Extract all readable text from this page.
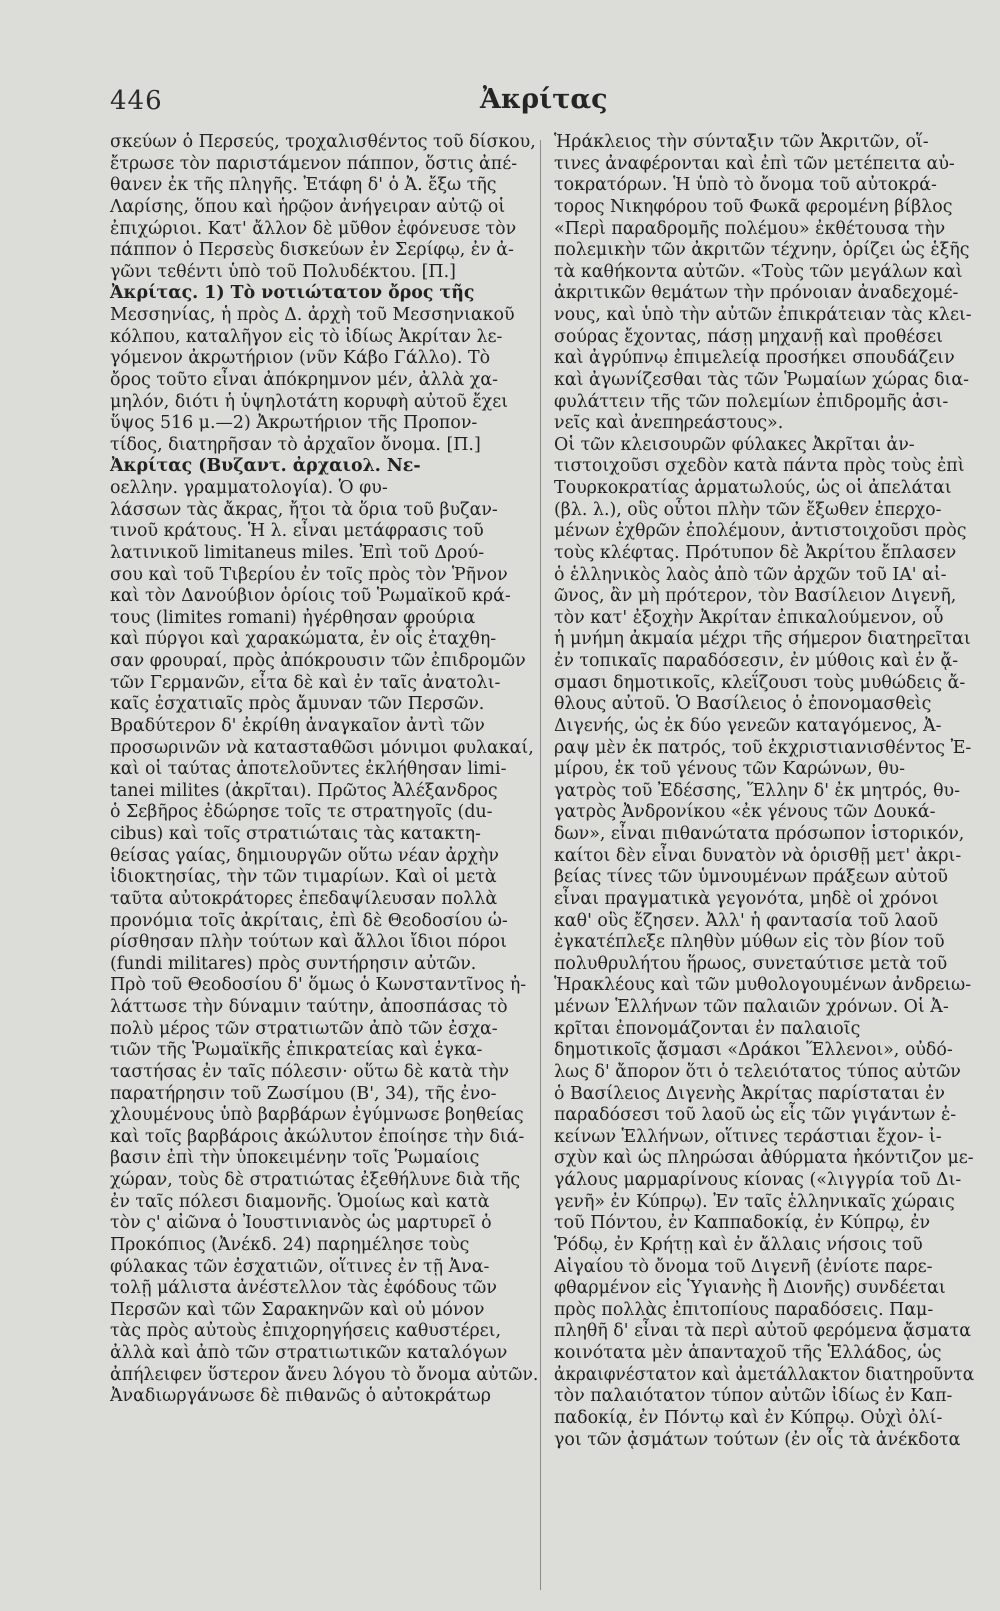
446	Ἀκρίτας
σκεύων ὁ Περσεύς, τροχαλισθέντος τοῦ δίσκου,
ἔτρωσε τὸν παριστάμενον πάππον, ὅστις ἀπέ-
θανεν ἐκ τῆς πληγῆς. Ἐτάφη δ' ὁ Ἀ. ἔξω τῆς
Λαρίσης, ὅπου καὶ ἡρῷον ἀνήγειραν αὐτῷ οἱ
ἐπιχώριοι. Κατ' ἄλλον δὲ μῦθον ἐφόνευσε τὸν
πάππον ὁ Περσεὺς δισκεύων ἐν Σερίφῳ, ἐν ἀ-
γῶνι τεθέντι ὑπὸ τοῦ Πολυδέκτου. [Π.]
Ἀκρίτας. 1) Τὸ νοτιώτατον ὄρος τῆς
Μεσσηνίας, ἡ πρὸς Δ. ἀρχὴ τοῦ Μεσσηνιακοῦ
κόλπου, καταλῆγον εἰς τὸ ἰδίως Ἀκρίταν λε-
γόμενον ἀκρωτήριον (νῦν Κάβο Γάλλο). Τὸ
ὄρος τοῦτο εἶναι ἀπόκρημνον μέν, ἀλλὰ χα-
μηλόν, διότι ἡ ὑψηλοτάτη κορυφὴ αὐτοῦ ἔχει
ὕψος 516 μ.—2) Ἀκρωτήριον τῆς Προπον-
τίδος, διατηρῆσαν τὸ ἀρχαῖον ὄνομα. [Π.]
Ἀκρίτας (Βυζαντ. ἀρχαιολ. Νε-
οελλην. γραμματολογία). Ὁ φυ-
λάσσων τὰς ἄκρας, ἤτοι τὰ ὅρια τοῦ βυζαν-
τινοῦ κράτους. Ἡ λ. εἶναι μετάφρασις τοῦ
λατινικοῦ limitaneus miles. Ἐπὶ τοῦ Δρού-
σου καὶ τοῦ Τιβερίου ἐν τοῖς πρὸς τὸν Ῥῆνον
καὶ τὸν Δανούβιον ὁρίοις τοῦ Ῥωμαϊκοῦ κρά-
τους (limites romani) ἠγέρθησαν φρούρια
καὶ πύργοι καὶ χαρακώματα, ἐν οἷς ἐταχθη-
σαν φρουραί, πρὸς ἀπόκρουσιν τῶν ἐπιδρομῶν
τῶν Γερμανῶν, εἶτα δὲ καὶ ἐν ταῖς ἀνατολι-
καῖς ἐσχατιαῖς πρὸς ἄμυναν τῶν Περσῶν.
Βραδύτερον δ' ἐκρίθη ἀναγκαῖον ἀντὶ τῶν
προσωρινῶν νὰ κατασταθῶσι μόνιμοι φυλακαί,
καὶ οἱ ταύτας ἀποτελοῦντες ἐκλήθησαν limi-
tanei milites (ἀκρῖται). Πρῶτος Ἀλέξανδρος
ὁ Σεβῆρος ἐδώρησε τοῖς τε στρατηγοῖς (du-
cibus) καὶ τοῖς στρατιώταις τὰς κατακτη-
θείσας γαίας, δημιουργῶν οὕτω νέαν ἀρχὴν
ἰδιοκτησίας, τὴν τῶν τιμαρίων. Καὶ οἱ μετὰ
ταῦτα αὐτοκράτορες ἐπεδαψίλευσαν πολλὰ
προνόμια τοῖς ἀκρίταις, ἐπὶ δὲ Θεοδοσίου ὡ-
ρίσθησαν πλὴν τούτων καὶ ἄλλοι ἴδιοι πόροι
(fundi militares) πρὸς συντήρησιν αὐτῶν.
Πρὸ τοῦ Θεοδοσίου δ' ὅμως ὁ Κωνσταντῖνος ἠ-
λάττωσε τὴν δύναμιν ταύτην, ἀποσπάσας τὸ
πολὺ μέρος τῶν στρατιωτῶν ἀπὸ τῶν ἐσχα-
τιῶν τῆς Ῥωμαϊκῆς ἐπικρατείας καὶ ἐγκα-
ταστήσας ἐν ταῖς πόλεσιν· οὕτω δὲ κατὰ τὴν
παρατήρησιν τοῦ Ζωσίμου (Β', 34), τῆς ἐνο-
χλουμένους ὑπὸ βαρβάρων ἐγύμνωσε βοηθείας
καὶ τοῖς βαρβάροις ἀκώλυτον ἐποίησε τὴν διά-
βασιν ἐπὶ τὴν ὑποκειμένην τοῖς Ῥωμαίοις
χώραν, τοὺς δὲ στρατιώτας ἐξεθήλυνε διὰ τῆς
ἐν ταῖς πόλεσι διαμονῆς. Ὁμοίως καὶ κατὰ
τὸν ς' αἰῶνα ὁ Ἰουστινιανὸς ὡς μαρτυρεῖ ὁ
Προκόπιος (Ἀνέκδ. 24) παρημέλησε τοὺς
φύλακας τῶν ἐσχατιῶν, οἵτινες ἐν τῇ Ἀνα-
τολῇ μάλιστα ἀνέστελλον τὰς ἐφόδους τῶν
Περσῶν καὶ τῶν Σαρακηνῶν καὶ οὐ μόνον
τὰς πρὸς αὐτοὺς ἐπιχορηγήσεις καθυστέρει,
ἀλλὰ καὶ ἀπὸ τῶν στρατιωτικῶν καταλόγων
ἀπήλειφεν ὕστερον ἄνευ λόγου τὸ ὄνομα αὐτῶν.
Ἀναδιωργάνωσε δὲ πιθανῶς ὁ αὐτοκράτωρ
Ἡράκλειος τὴν σύνταξιν τῶν Ἀκριτῶν, οἵ-
τινες ἀναφέρονται καὶ ἐπὶ τῶν μετέπειτα αὐ-
τοκρατόρων. Ἡ ὑπὸ τὸ ὄνομα τοῦ αὐτοκρά-
τορος Νικηφόρου τοῦ Φωκᾶ φερομένη βίβλος
«Περὶ παραδρομῆς πολέμου» ἐκθέτουσα τὴν
πολεμικὴν τῶν ἀκριτῶν τέχνην, ὁρίζει ὡς ἑξῆς
τὰ καθήκοντα αὐτῶν. «Τοὺς τῶν μεγάλων καὶ
ἀκριτικῶν θεμάτων τὴν πρόνοιαν ἀναδεχομέ-
νους, καὶ ὑπὸ τὴν αὐτῶν ἐπικράτειαν τὰς κλει-
σούρας ἔχοντας, πάσῃ μηχανῇ καὶ προθέσει
καὶ ἀγρύπνῳ ἐπιμελείᾳ προσήκει σπουδάζειν
καὶ ἀγωνίζεσθαι τὰς τῶν Ῥωμαίων χώρας δια-
φυλάττειν τῆς τῶν πολεμίων ἐπιδρομῆς ἀσι-
νεῖς καὶ ἀνεπηρεάστους».
Οἱ τῶν κλεισουρῶν φύλακες Ἀκρῖται ἀν-
τιστοιχοῦσι σχεδὸν κατὰ πάντα πρὸς τοὺς ἐπὶ
Τουρκοκρατίας ἁρματωλούς, ὡς οἱ ἀπελάται
(βλ. λ.), οὓς οὗτοι πλὴν τῶν ἔξωθεν ἐπερχο-
μένων ἐχθρῶν ἐπολέμουν, ἀντιστοιχοῦσι πρὸς
τοὺς κλέφτας. Πρότυπον δὲ Ἀκρίτου ἔπλασεν
ὁ ἑλληνικὸς λαὸς ἀπὸ τῶν ἀρχῶν τοῦ ΙΑ' αἰ-
ῶνος, ἂν μὴ πρότερον, τὸν Βασίλειον Διγενῆ,
τὸν κατ' ἐξοχὴν Ἀκρίταν ἐπικαλούμενον, οὗ
ἡ μνήμη ἀκμαία μέχρι τῆς σήμερον διατηρεῖται
ἐν τοπικαῖς παραδόσεσιν, ἐν μύθοις καὶ ἐν ᾄ-
σμασι δημοτικοῖς, κλεΐζουσι τοὺς μυθώδεις ἄ-
θλους αὐτοῦ. Ὁ Βασίλειος ὁ ἐπονομασθεὶς
Διγενής, ὡς ἐκ δύο γενεῶν καταγόμενος, Ἀ-
ραψ μὲν ἐκ πατρός, τοῦ ἐκχριστιανισθέντος Ἐ-
μίρου, ἐκ τοῦ γένους τῶν Καρώνων, θυ-
γατρὸς τοῦ Ἐδέσσης, Ἕλλην δ' ἐκ μητρός, θυ-
γατρὸς Ἀνδρονίκου «ἐκ γένους τῶν Δουκά-
δων», εἶναι πιθανώτατα πρόσωπον ἱστορικόν,
καίτοι δὲν εἶναι δυνατὸν νὰ ὁρισθῇ μετ' ἀκρι-
βείας τίνες τῶν ὑμνουμένων πράξεων αὐτοῦ
εἶναι πραγματικὰ γεγονότα, μηδὲ οἱ χρόνοι
καθ' οὓς ἔζησεν. Ἀλλ' ἡ φαντασία τοῦ λαοῦ
ἐγκατέπλεξε πληθὺν μύθων εἰς τὸν βίον τοῦ
πολυθρυλήτου ἥρωος, συνεταύτισε μετὰ τοῦ
Ἡρακλέους καὶ τῶν μυθολογουμένων ἀνδρειω-
μένων Ἑλλήνων τῶν παλαιῶν χρόνων. Οἱ Ἀ-
κρῖται ἐπονομάζονται ἐν παλαιοῖς
δημοτικοῖς ᾄσμασι «Δράκοι Ἕλλενοι», οὐδό-
λως δ' ἄπορον ὅτι ὁ τελειότατος τύπος αὐτῶν
ὁ Βασίλειος Διγενὴς Ἀκρίτας παρίσταται ἐν
παραδόσεσι τοῦ λαοῦ ὡς εἷς τῶν γιγάντων ἐ-
κείνων Ἑλλήνων, οἵτινες τεράστιαι ἔχον- ἰ-
σχὺν καὶ ὡς πληρώσαι ἀθύρματα ἠκόντιζον με-
γάλους μαρμαρίνους κίονας («λιγγρία τοῦ Δι-
γενῆ» ἐν Κύπρῳ). Ἐν ταῖς ἑλληνικαῖς χώραις
τοῦ Πόντου, ἐν Καππαδοκίᾳ, ἐν Κύπρῳ, ἐν
Ῥόδῳ, ἐν Κρήτῃ καὶ ἐν ἄλλαις νήσοις τοῦ
Αἰγαίου τὸ ὄνομα τοῦ Διγενῆ (ἐνίοτε παρε-
φθαρμένον εἰς Ὑγιανὴς ἢ Διονῆς) συνδέεται
πρὸς πολλὰς ἐπιτοπίους παραδόσεις. Παμ-
πληθῆ δ' εἶναι τὰ περὶ αὐτοῦ φερόμενα ᾄσματα
κοινότατα μὲν ἁπανταχοῦ τῆς Ἑλλάδος, ὡς
ἀκραιφνέστατον καὶ ἀμετάλλακτον διατηροῦντα
τὸν παλαιότατον τύπον αὐτῶν ἰδίως ἐν Καπ-
παδοκίᾳ, ἐν Πόντῳ καὶ ἐν Κύπρῳ. Οὐχὶ ὀλί-
γοι τῶν ᾀσμάτων τούτων (ἐν οἷς τὰ ἀνέκδοτα
